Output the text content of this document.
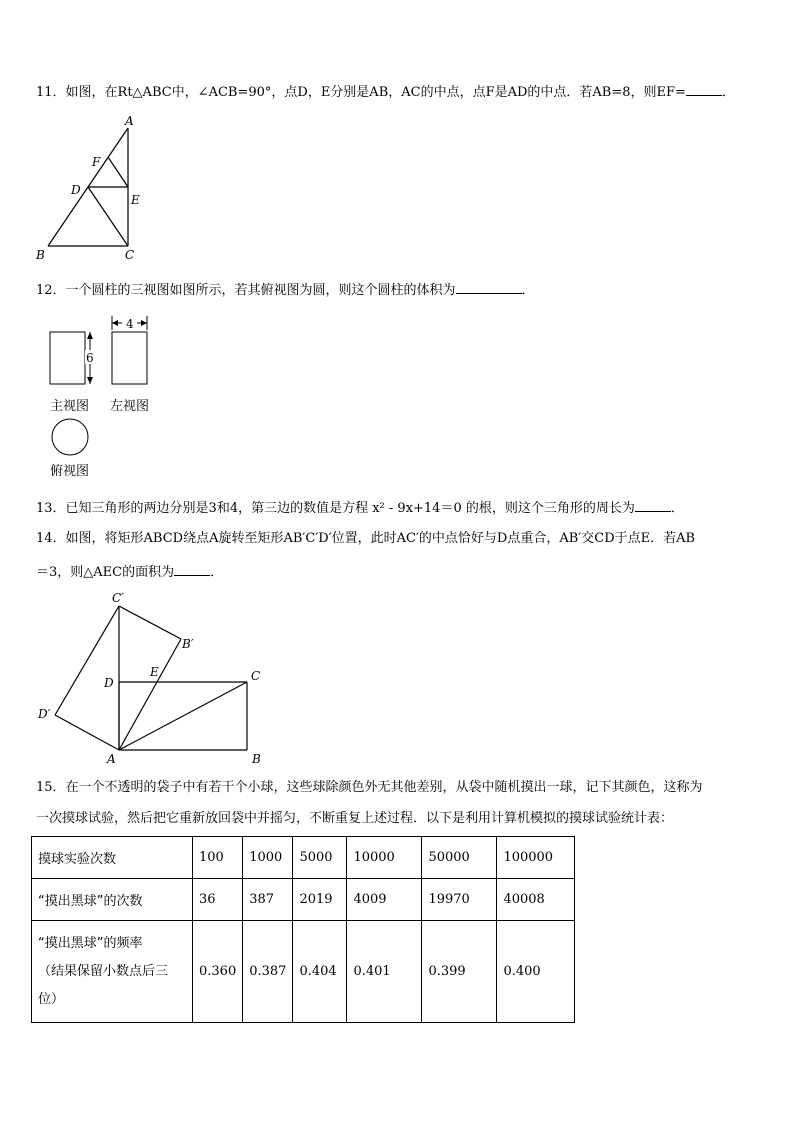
11．如图，在Rt△ABC中，∠ACB=90°，点D，E分别是AB，AC的中点，点F是AD的中点．若AB=8，则EF=	．
A
F
D
E
B	C
12．一个圆柱的三视图如图所示，若其俯视图为圆，则这个圆柱的体积为	．
6
4
主视图 左视图
俯视图
13．已知三角形的两边分别是3和4，第三边的数值是方程 x² - 9x+14＝0 的根，则这个三角形的周长为	．
14．如图，将矩形ABCD绕点A旋转至矩形AB′C′D′位置，此时AC′的中点恰好与D点重合，AB′交CD于点E．若AB
＝3，则△AEC的面积为	．
C′
B′
D
E	C
D′
A	B
15．在一个不透明的袋子中有若干个小球，这些球除颜色外无其他差别，从袋中随机摸出一球，记下其颜色，这称为
一次摸球试验，然后把它重新放回袋中并摇匀，不断重复上述过程．以下是利用计算机模拟的摸球试验统计表：
摸球实验次数	100	1000	5000	10000	50000	100000
“摸出黑球”的次数	36	387	2019	4009	19970	40008

“摸出黑球”的频率
（结果保留小数点后三
位）	0.360	0.387	0.404	0.401	0.399	0.400
